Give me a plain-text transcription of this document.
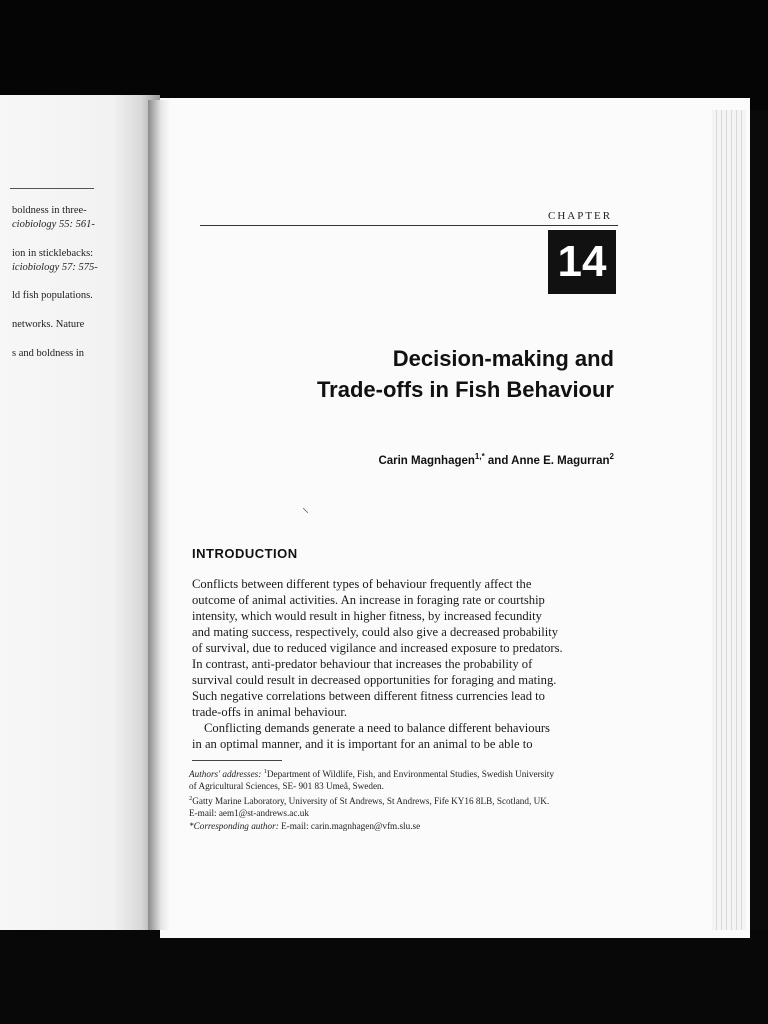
boldness in three-
ciobiology 55: 561-
ion in sticklebacks:
iciobiology 57: 575-
ld fish populations.
networks. Nature
s and boldness in
CHAPTER
14
Decision-making and
Trade-offs in Fish Behaviour
Carin Magnhagen$^{1,*}$ and Anne E. Magurran$^2$
⸜
INTRODUCTION
Conflicts between different types of behaviour frequently affect the
outcome of animal activities. An increase in foraging rate or courtship
intensity, which would result in higher fitness, by increased fecundity
and mating success, respectively, could also give a decreased probability
of survival, due to reduced vigilance and increased exposure to predators.
In contrast, anti-predator behaviour that increases the probability of
survival could result in decreased opportunities for foraging and mating.
Such negative correlations between different fitness currencies lead to
trade-offs in animal behaviour.
Conflicting demands generate a need to balance different behaviours
in an optimal manner, and it is important for an animal to be able to
Authors' addresses: $^1$Department of Wildlife, Fish, and Environmental Studies, Swedish University
of Agricultural Sciences, SE- 901 83 Umeå, Sweden.
$^2$Gatty Marine Laboratory, University of St Andrews, St Andrews, Fife KY16 8LB, Scotland, UK.
E-mail: aem1@st-andrews.ac.uk
*Corresponding author: E-mail: carin.magnhagen@vfm.slu.se
